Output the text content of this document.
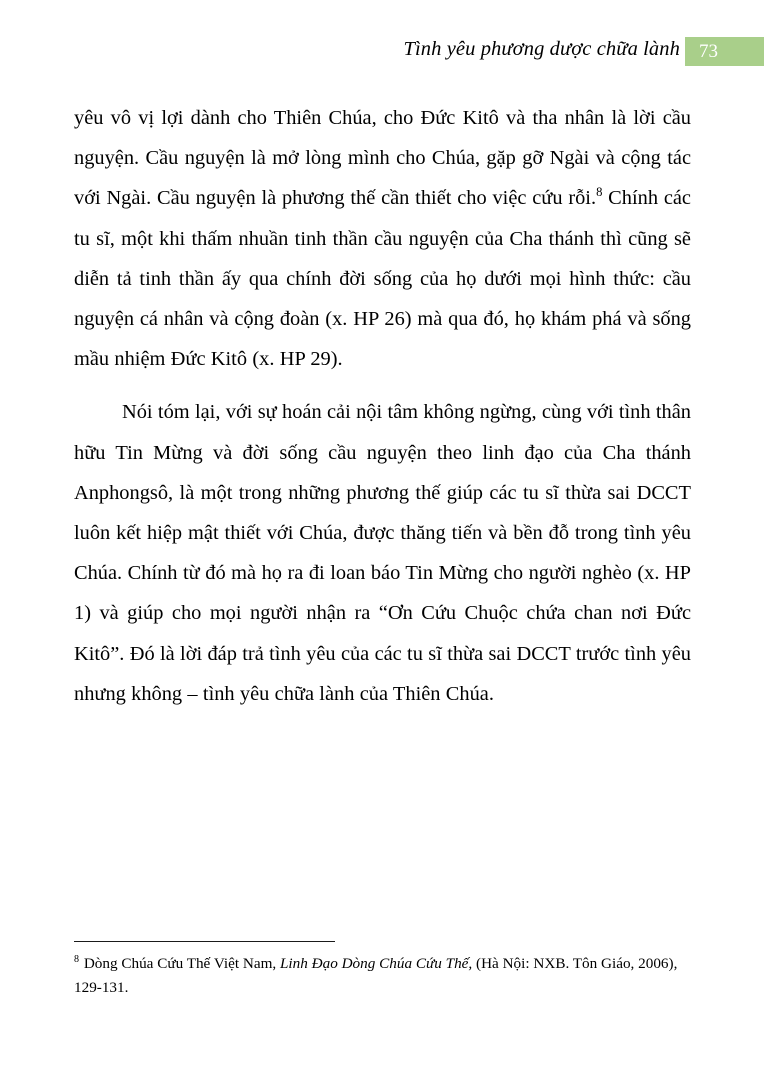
Tình yêu phương dược chữa lành 73

yêu vô vị lợi dành cho Thiên Chúa, cho Đức Kitô và tha nhân là lời cầu nguyện. Cầu nguyện là mở lòng mình cho Chúa, gặp gỡ Ngài và cộng tác với Ngài. Cầu nguyện là phương thế cần thiết cho việc cứu rỗi.$^8$ Chính các tu sĩ, một khi thấm nhuần tinh thần cầu nguyện của Cha thánh thì cũng sẽ diễn tả tinh thần ấy qua chính đời sống của họ dưới mọi hình thức: cầu nguyện cá nhân và cộng đoàn (x. HP 26) mà qua đó, họ khám phá và sống mầu nhiệm Đức Kitô (x. HP 29).

Nói tóm lại, với sự hoán cải nội tâm không ngừng, cùng với tình thân hữu Tin Mừng và đời sống cầu nguyện theo linh đạo của Cha thánh Anphongsô, là một trong những phương thế giúp các tu sĩ thừa sai DCCT luôn kết hiệp mật thiết với Chúa, được thăng tiến và bền đỗ trong tình yêu Chúa. Chính từ đó mà họ ra đi loan báo Tin Mừng cho người nghèo (x. HP 1) và giúp cho mọi người nhận ra “Ơn Cứu Chuộc chứa chan nơi Đức Kitô”. Đó là lời đáp trả tình yêu của các tu sĩ thừa sai DCCT trước tình yêu nhưng không – tình yêu chữa lành của Thiên Chúa.

$^8$ Dòng Chúa Cứu Thế Việt Nam, Linh Đạo Dòng Chúa Cứu Thế, (Hà Nội: NXB. Tôn Giáo, 2006), 129-131.
